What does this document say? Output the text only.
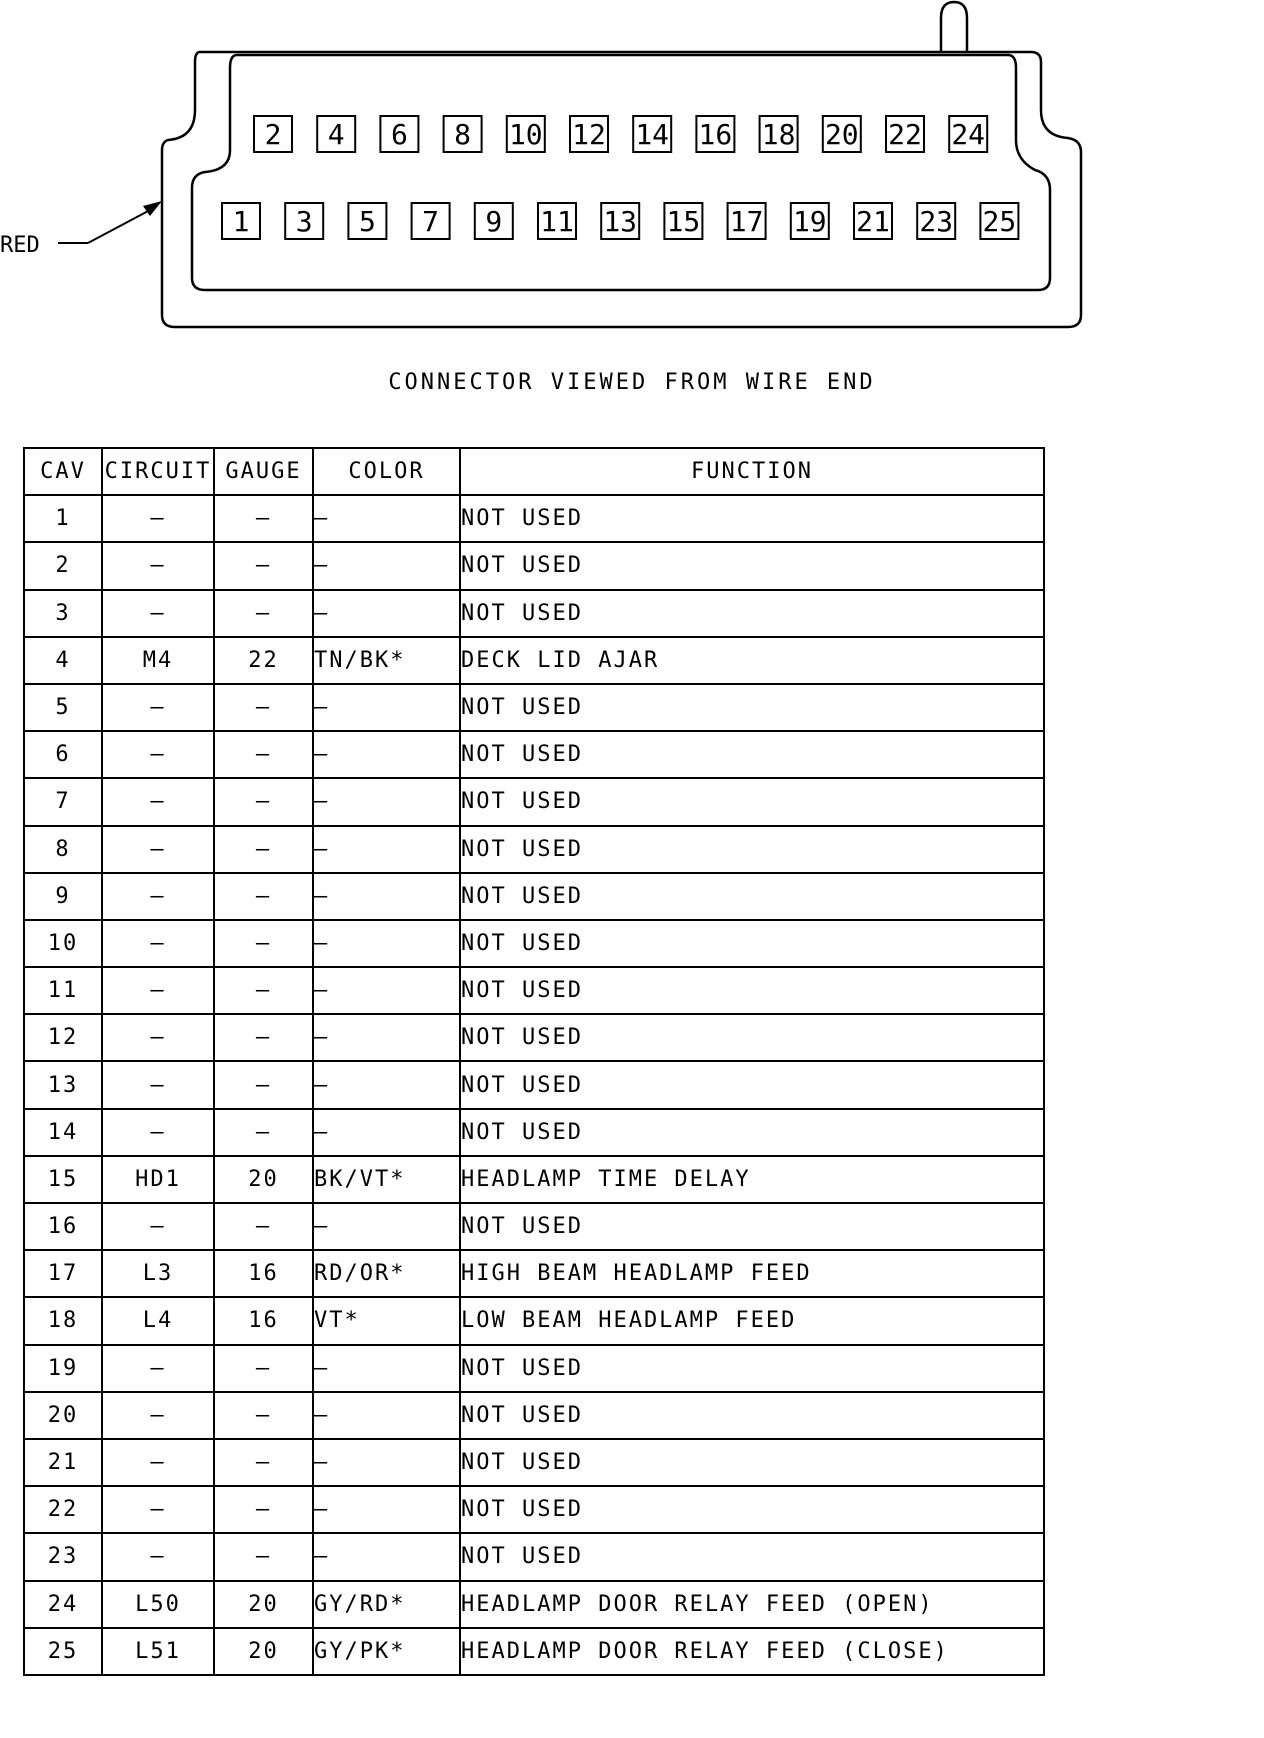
RED
2 4 6 8 10 12 14 16 18 20 22 24
1 3 5 7 9 11 13 15 17 19 21 23 25
CONNECTOR VIEWED FROM WIRE END
CAV	CIRCUIT	GAUGE	COLOR	FUNCTION
1	—	—	—	NOT USED
2	—	—	—	NOT USED
3	—	—	—	NOT USED
4	M4	22	TN/BK*	DECK LID AJAR
5	—	—	—	NOT USED
6	—	—	—	NOT USED
7	—	—	—	NOT USED
8	—	—	—	NOT USED
9	—	—	—	NOT USED
10	—	—	—	NOT USED
11	—	—	—	NOT USED
12	—	—	—	NOT USED
13	—	—	—	NOT USED
14	—	—	—	NOT USED
15	HD1	20	BK/VT*	HEADLAMP TIME DELAY
16	—	—	—	NOT USED
17	L3	16	RD/OR*	HIGH BEAM HEADLAMP FEED
18	L4	16	VT*	LOW BEAM HEADLAMP FEED
19	—	—	—	NOT USED
20	—	—	—	NOT USED
21	—	—	—	NOT USED
22	—	—	—	NOT USED
23	—	—	—	NOT USED
24	L50	20	GY/RD*	HEADLAMP DOOR RELAY FEED (OPEN)
25	L51	20	GY/PK*	HEADLAMP DOOR RELAY FEED (CLOSE)
